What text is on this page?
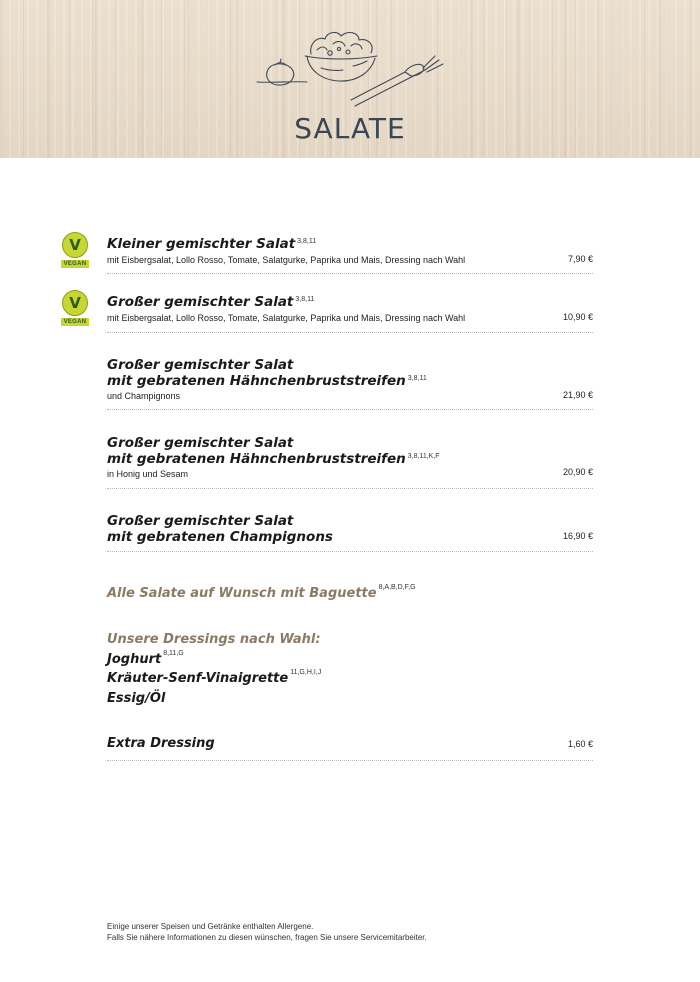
SALATE
V
VEGAN
Kleiner gemischter Salat $^{3,8,11}$
mit Eisbergsalat, Lollo Rosso, Tomate, Salatgurke, Paprika und Mais, Dressing nach Wahl	7,90 €
V
VEGAN
Großer gemischter Salat $^{3,8,11}$
mit Eisbergsalat, Lollo Rosso, Tomate, Salatgurke, Paprika und Mais, Dressing nach Wahl	10,90 €
Großer gemischter Salat
mit gebratenen Hähnchenbruststreifen $^{3,8,11}$
und Champignons	21,90 €
Großer gemischter Salat
mit gebratenen Hähnchenbruststreifen $^{3,8,11,K,F}$
in Honig und Sesam	20,90 €
Großer gemischter Salat
mit gebratenen Champignons	16,90 €
Alle Salate auf Wunsch mit Baguette $^{8,A,B,D,F,G}$
Unsere Dressings nach Wahl:
Joghurt $^{8,11,G}$
Kräuter-Senf-Vinaigrette $^{11,G,H,I,J}$
Essig/Öl
Extra Dressing	1,60 €
Einige unserer Speisen und Getränke enthalten Allergene.
Falls Sie nähere Informationen zu diesen wünschen, fragen Sie unsere Servicemitarbeiter.
